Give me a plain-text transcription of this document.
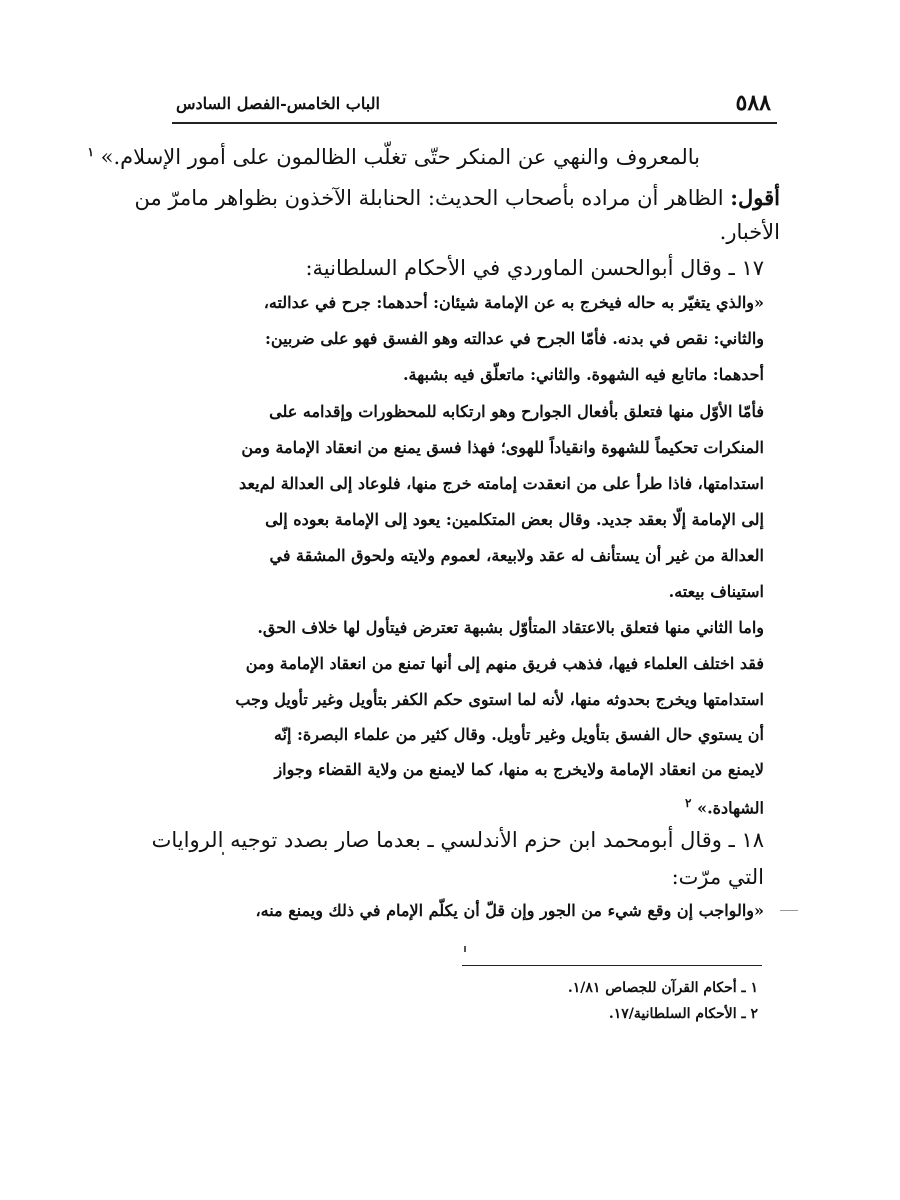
٥٨٨
الباب الخامس-الفصل السادس
بالمعروف والنهي عن المنكر حتّى تغلّب الظالمون على أمور الإسلام.» $^١$
أقول: الظاهر أن مراده بأصحاب الحديث: الحنابلة الآخذون بظواهر مامرّ من
الأخبار.
١٧ ـ وقال أبوالحسن الماوردي في الأحكام السلطانية:
«والذي يتغيّر به حاله فيخرج به عن الإمامة شيئان: أحدهما: جرح في عدالته،
والثاني: نقص في بدنه. فأمّا الجرح في عدالته وهو الفسق فهو على ضربين:
أحدهما: ماتابع فيه الشهوة. والثاني: ماتعلّق فيه بشبهة.
فأمّا الأوّل منها فتعلق بأفعال الجوارح وهو ارتكابه للمحظورات وإقدامه على
المنكرات تحكيماً للشهوة وانقياداً للهوى؛ فهذا فسق يمنع من انعقاد الإمامة ومن
استدامتها، فاذا طرأ على من انعقدت إمامته خرج منها، فلوعاد إلى العدالة لم‌يعد
إلى الإمامة إلّا بعقد جديد. وقال بعض المتكلمين: يعود إلى الإمامة بعوده إلى
العدالة من غير أن يستأنف له عقد ولابيعة، لعموم ولايته ولحوق المشقة في
استيناف بيعته.
واما الثاني منها فتعلق بالاعتقاد المتأوّل بشبهة تعترض فيتأول لها خلاف الحق.
فقد اختلف العلماء فيها، فذهب فريق منهم إلى أنها تمنع من انعقاد الإمامة ومن
استدامتها ويخرج بحدوثه منها، لأنه لما استوى حكم الكفر بتأويل وغير تأويل وجب
أن يستوي حال الفسق بتأويل وغير تأويل. وقال كثير من علماء البصرة: إنّه
لايمنع من انعقاد الإمامة ولايخرج به منها، كما لايمنع من ولاية القضاء وجواز
الشهادة.» $^٢$
١٨ ـ وقال أبومحمد ابن حزم الأندلسي ـ بعدما صار بصدد توجيه الروايات
التي مرّت:
«والواجب إن وقع شيء من الجور وإن قلّ أن يكلّم الإمام في ذلك ويمنع منه،
١ ـ أحكام القرآن للجصاص ١/٨١.
٢ ـ الأحكام السلطانية/١٧.
